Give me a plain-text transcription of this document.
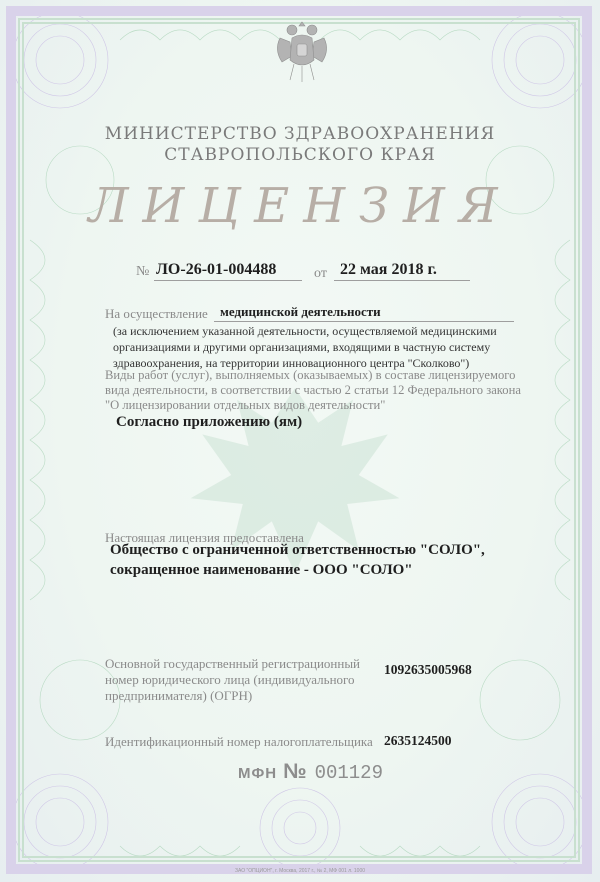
МИНИСТЕРСТВО ЗДРАВООХРАНЕНИЯ
СТАВРОПОЛЬСКОГО КРАЯ
ЛИЦЕНЗИЯ
№ ЛО-26-01-004488	от 22 мая 2018 г.
На осуществление медицинской деятельности
(за исключением указанной деятельности, осуществляемой медицинскими
организациями и другими организациями, входящими в частную систему
здравоохранения, на территории инновационного центра "Сколково")
Виды работ (услуг), выполняемых (оказываемых) в составе лицензируемого
вида деятельности, в соответствии с частью 2 статьи 12 Федерального закона
"О лицензировании отдельных видов деятельности"
Согласно приложению (ям)
Настоящая лицензия предоставлена
Общество с ограниченной ответственностью "СОЛО",
сокращенное наименование - ООО "СОЛО"
Основной государственный регистрационный
номер юридического лица (индивидуального
предпринимателя) (ОГРН)
1092635005968
Идентификационный номер налогоплательщика 2635124500
МФН № 001129
ЗАО "ОПЦИОН", г. Москва, 2017 г., № 2, МФ 001 л. 1000
